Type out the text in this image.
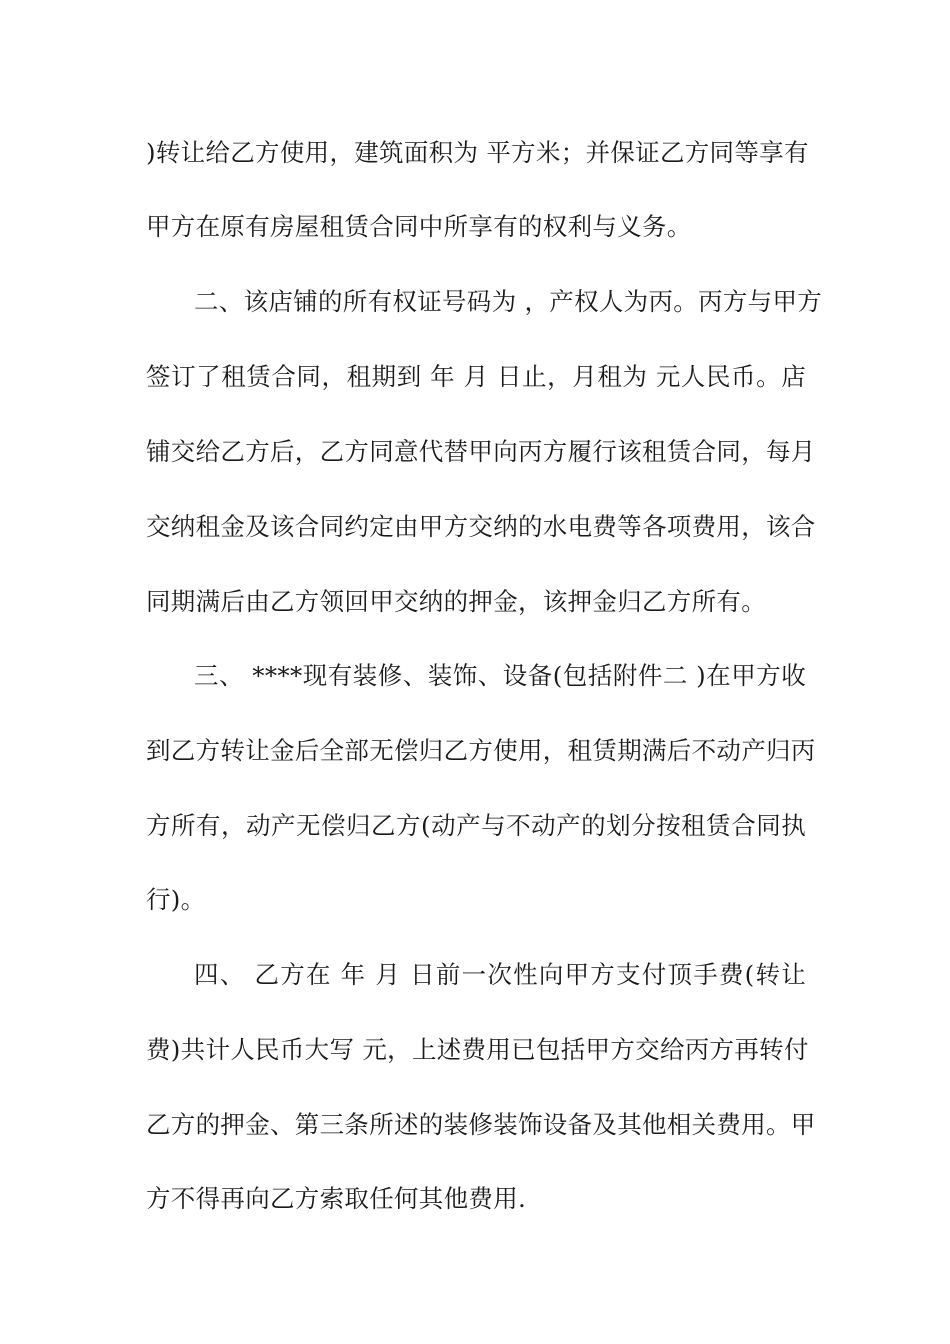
)转让给乙方使用，建筑面积为 平方米；并保证乙方同等享有
甲方在原有房屋租赁合同中所享有的权利与义务。
二、该店铺的所有权证号码为 ，产权人为丙。丙方与甲方
签订了租赁合同，租期到 年 月 日止，月租为 元人民币。店
铺交给乙方后，乙方同意代替甲向丙方履行该租赁合同，每月
交纳租金及该合同约定由甲方交纳的水电费等各项费用，该合
同期满后由乙方领回甲交纳的押金，该押金归乙方所有。
三、 ****现有装修、装饰、设备(包括附件二 )在甲方收
到乙方转让金后全部无偿归乙方使用，租赁期满后不动产归丙
方所有，动产无偿归乙方(动产与不动产的划分按租赁合同执
行)。
四、 乙方在 年 月 日前一次性向甲方支付顶手费(转让
费)共计人民币大写 元，上述费用已包括甲方交给丙方再转付
乙方的押金、第三条所述的装修装饰设备及其他相关费用。甲
方不得再向乙方索取任何其他费用.
